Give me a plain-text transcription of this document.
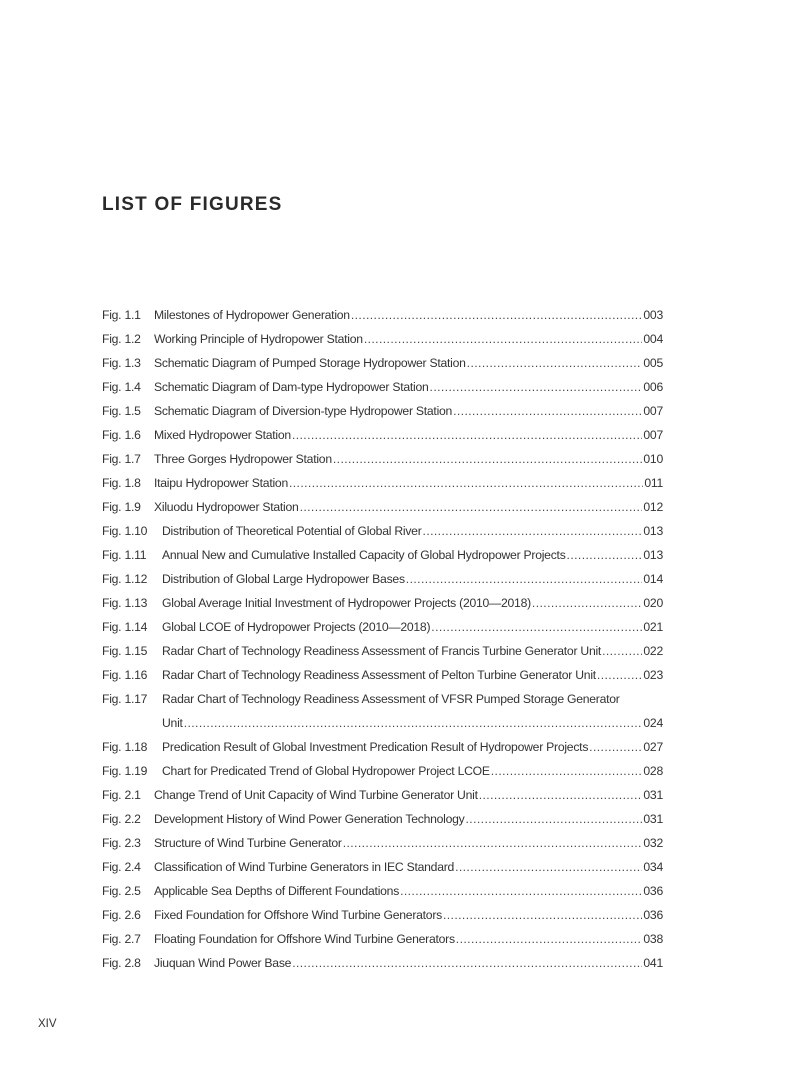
LIST OF FIGURES
Fig. 1.1	Milestones of Hydropower Generation .....	003
Fig. 1.2	Working Principle of Hydropower Station .....	004
Fig. 1.3	Schematic Diagram of Pumped Storage Hydropower Station .....	005
Fig. 1.4	Schematic Diagram of Dam-type Hydropower Station .....	006
Fig. 1.5	Schematic Diagram of Diversion-type Hydropower Station .....	007
Fig. 1.6	Mixed Hydropower Station .....	007
Fig. 1.7	Three Gorges Hydropower Station .....	010
Fig. 1.8	Itaipu Hydropower Station .....	011
Fig. 1.9	Xiluodu Hydropower Station .....	012
Fig. 1.10	Distribution of Theoretical Potential of Global River .....	013
Fig. 1.11	Annual New and Cumulative Installed Capacity of Global Hydropower Projects .....	013
Fig. 1.12	Distribution of Global Large Hydropower Bases .....	014
Fig. 1.13	Global Average Initial Investment of Hydropower Projects (2010—2018) .....	020
Fig. 1.14	Global LCOE of Hydropower Projects (2010—2018) .....	021
Fig. 1.15	Radar Chart of Technology Readiness Assessment of Francis Turbine Generator Unit .....	022
Fig. 1.16	Radar Chart of Technology Readiness Assessment of Pelton Turbine Generator Unit .....	023
Fig. 1.17	Radar Chart of Technology Readiness Assessment of VFSR Pumped Storage Generator
Unit .....	024
Fig. 1.18	Predication Result of Global Investment Predication Result of Hydropower Projects .....	027
Fig. 1.19	Chart for Predicated Trend of Global Hydropower Project LCOE .....	028
Fig. 2.1	Change Trend of Unit Capacity of Wind Turbine Generator Unit .....	031
Fig. 2.2	Development History of Wind Power Generation Technology .....	031
Fig. 2.3	Structure of Wind Turbine Generator .....	032
Fig. 2.4	Classification of Wind Turbine Generators in IEC Standard .....	034
Fig. 2.5	Applicable Sea Depths of Different Foundations .....	036
Fig. 2.6	Fixed Foundation for Offshore Wind Turbine Generators .....	036
Fig. 2.7	Floating Foundation for Offshore Wind Turbine Generators .....	038
Fig. 2.8	Jiuquan Wind Power Base .....	041
XIV
